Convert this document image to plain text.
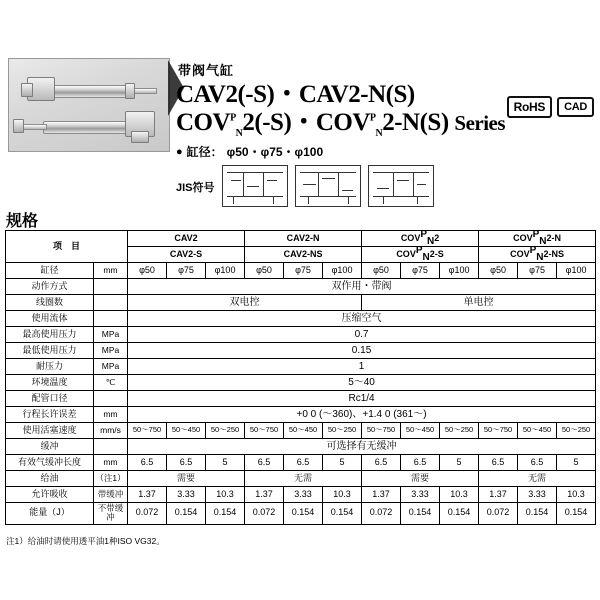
带阀气缸
CAV2(-S)・CAV2-N(S)
$COV^P_N2(-S)$・$COV^P_N2-N(S)$ Series
● 缸径： φ50・φ75・φ100
JIS符号
RoHS	CAD
规格
项　目		CAV2			CAV2-N			COVPN2			COVPN2-N		
		CAV2-S			CAV2-NS			COVPN2-S			COVPN2-NS		
缸径	mm	φ50	φ75	φ100	φ50	φ75	φ100	φ50	φ75	φ100	φ50	φ75	φ100
动作方式		双作用・带阀											
线圈数		双电控						单电控					
使用流体		压缩空气											
最高使用压力	MPa	0.7											
最低使用压力	MPa	0.15											
耐压力	MPa	1											
环境温度	℃	5～40											
配管口径		Rc1/4											
行程长许误差	mm	+0 0 (～360)、+1.4 0 (361～)											
使用活塞速度	mm/s	50～750	50～450	50～250	50～750	50～450	50～250	50～750	50～450	50～250	50～750	50～450	50～250
缓冲		可选择有无缓冲											
有效气缓冲长度	mm	6.5	6.5	5	6.5	6.5	5	6.5	6.5	5	6.5	6.5	5
给油	（注1）	需要			无需			需要			无需		
允许吸收	带缓冲	1.37	3.33	10.3	1.37	3.33	10.3	1.37	3.33	10.3	1.37	3.33	10.3
能量（J）	不带缓冲	0.072	0.154	0.154	0.072	0.154	0.154	0.072	0.154	0.154	0.072	0.154	0.154
注1）给油时请使用透平油1种ISO VG32。
